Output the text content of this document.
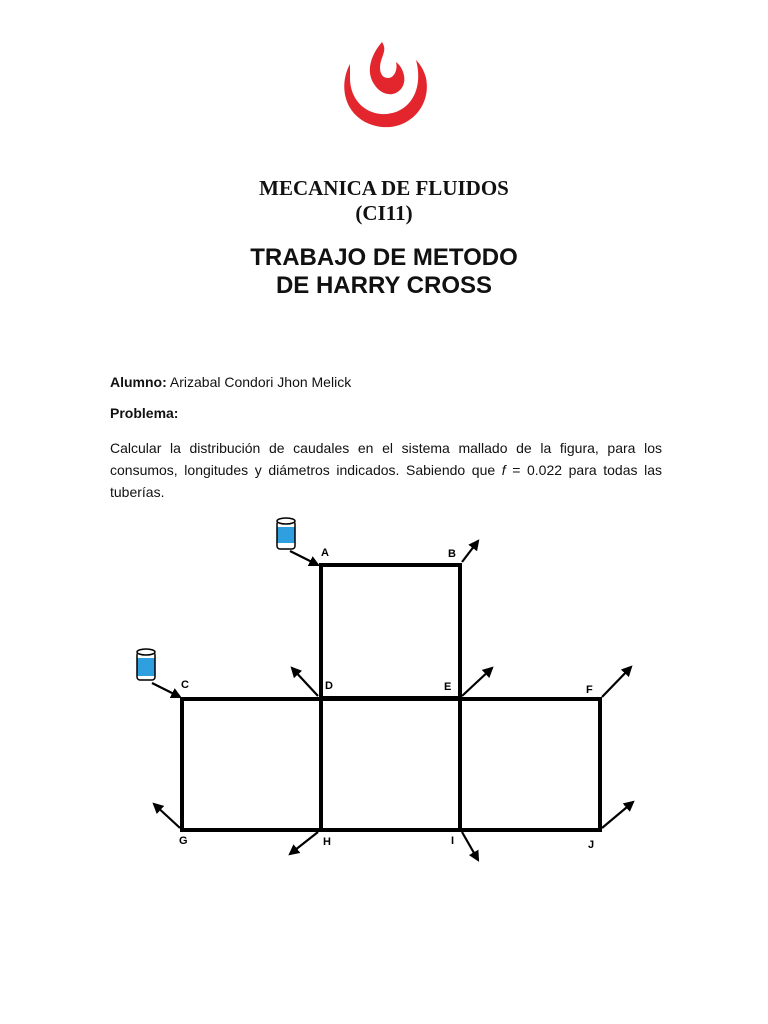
MECANICA DE FLUIDOS
(CI11)
TRABAJO DE METODO
DE HARRY CROSS
Alumno: Arizabal Condori Jhon Melick
Problema:
Calcular la distribución de caudales en el sistema mallado de la figura, para los consumos, longitudes y diámetros indicados. Sabiendo que f = 0.022 para todas las tuberías.
A	B
C	D	E	F
G	H	I	J
